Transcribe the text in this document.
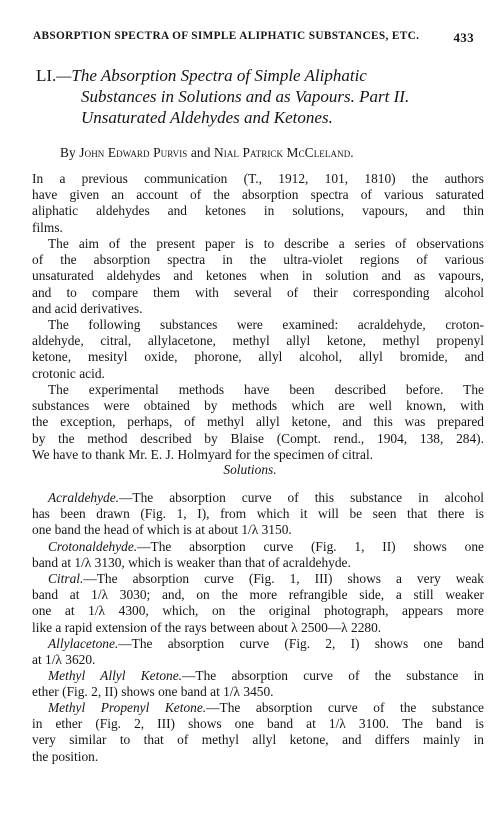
ABSORPTION SPECTRA OF SIMPLE ALIPHATIC SUBSTANCES, ETC.	433
LI.—The Absorption Spectra of Simple Aliphatic
Substances in Solutions and as Vapours. Part II.
Unsaturated Aldehydes and Ketones.
By John Edward Purvis and Nial Patrick McCleland.
In a previous communication (T., 1912, 101, 1810) the authors
have given an account of the absorption spectra of various saturated
aliphatic aldehydes and ketones in solutions, vapours, and thin
films.
The aim of the present paper is to describe a series of observations
of the absorption spectra in the ultra-violet regions of various
unsaturated aldehydes and ketones when in solution and as vapours,
and to compare them with several of their corresponding alcohol
and acid derivatives.
The following substances were examined: acraldehyde, croton-
aldehyde, citral, allylacetone, methyl allyl ketone, methyl propenyl
ketone, mesityl oxide, phorone, allyl alcohol, allyl bromide, and
crotonic acid.
The experimental methods have been described before. The
substances were obtained by methods which are well known, with
the exception, perhaps, of methyl allyl ketone, and this was prepared
by the method described by Blaise (Compt. rend., 1904, 138, 284).
We have to thank Mr. E. J. Holmyard for the specimen of citral.
Solutions.
Acraldehyde.—The absorption curve of this substance in alcohol
has been drawn (Fig. 1, I), from which it will be seen that there is
one band the head of which is at about 1/λ 3150.
Crotonaldehyde.—The absorption curve (Fig. 1, II) shows one
band at 1/λ 3130, which is weaker than that of acraldehyde.
Citral.—The absorption curve (Fig. 1, III) shows a very weak
band at 1/λ 3030; and, on the more refrangible side, a still weaker
one at 1/λ 4300, which, on the original photograph, appears more
like a rapid extension of the rays between about λ 2500—λ 2280.
Allylacetone.—The absorption curve (Fig. 2, I) shows one band
at 1/λ 3620.
Methyl Allyl Ketone.—The absorption curve of the substance in
ether (Fig. 2, II) shows one band at 1/λ 3450.
Methyl Propenyl Ketone.—The absorption curve of the substance
in ether (Fig. 2, III) shows one band at 1/λ 3100. The band is
very similar to that of methyl allyl ketone, and differs mainly in
the position.
